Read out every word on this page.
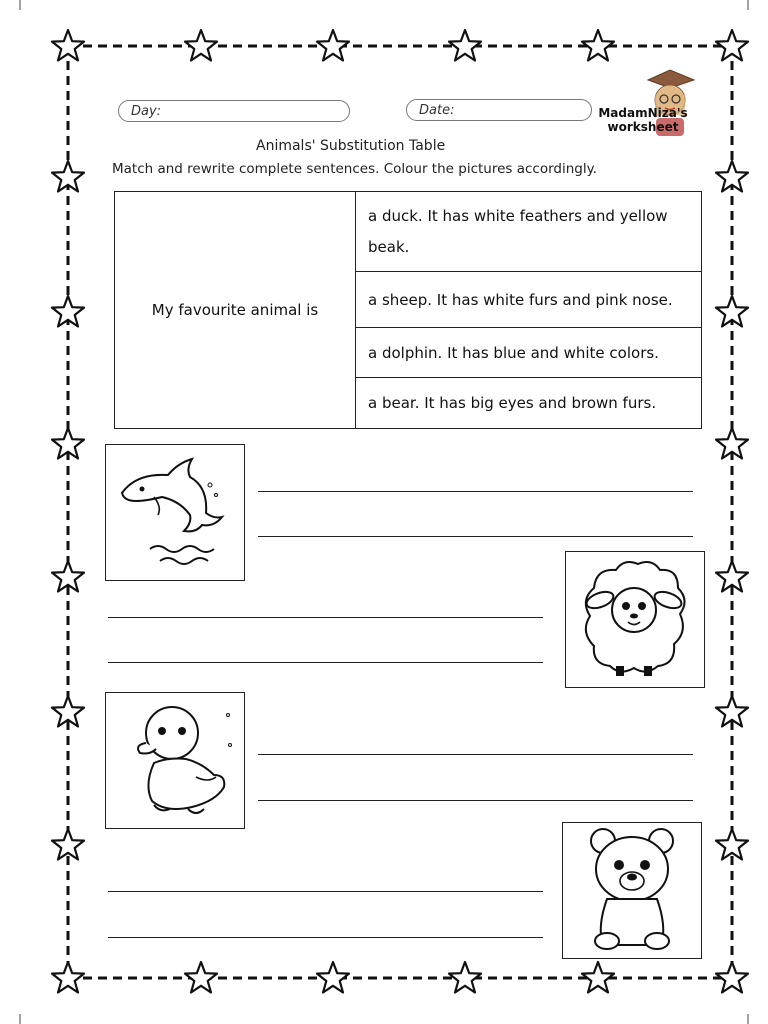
Day:	Date:	MadamNiza's
worksheet
Animals' Substitution Table
Match and rewrite complete sentences. Colour the pictures accordingly.
My favourite animal is	a duck. It has white feathers and yellow beak.
a sheep. It has white furs and pink nose.
a dolphin. It has blue and white colors.
a bear. It has big eyes and brown furs.
